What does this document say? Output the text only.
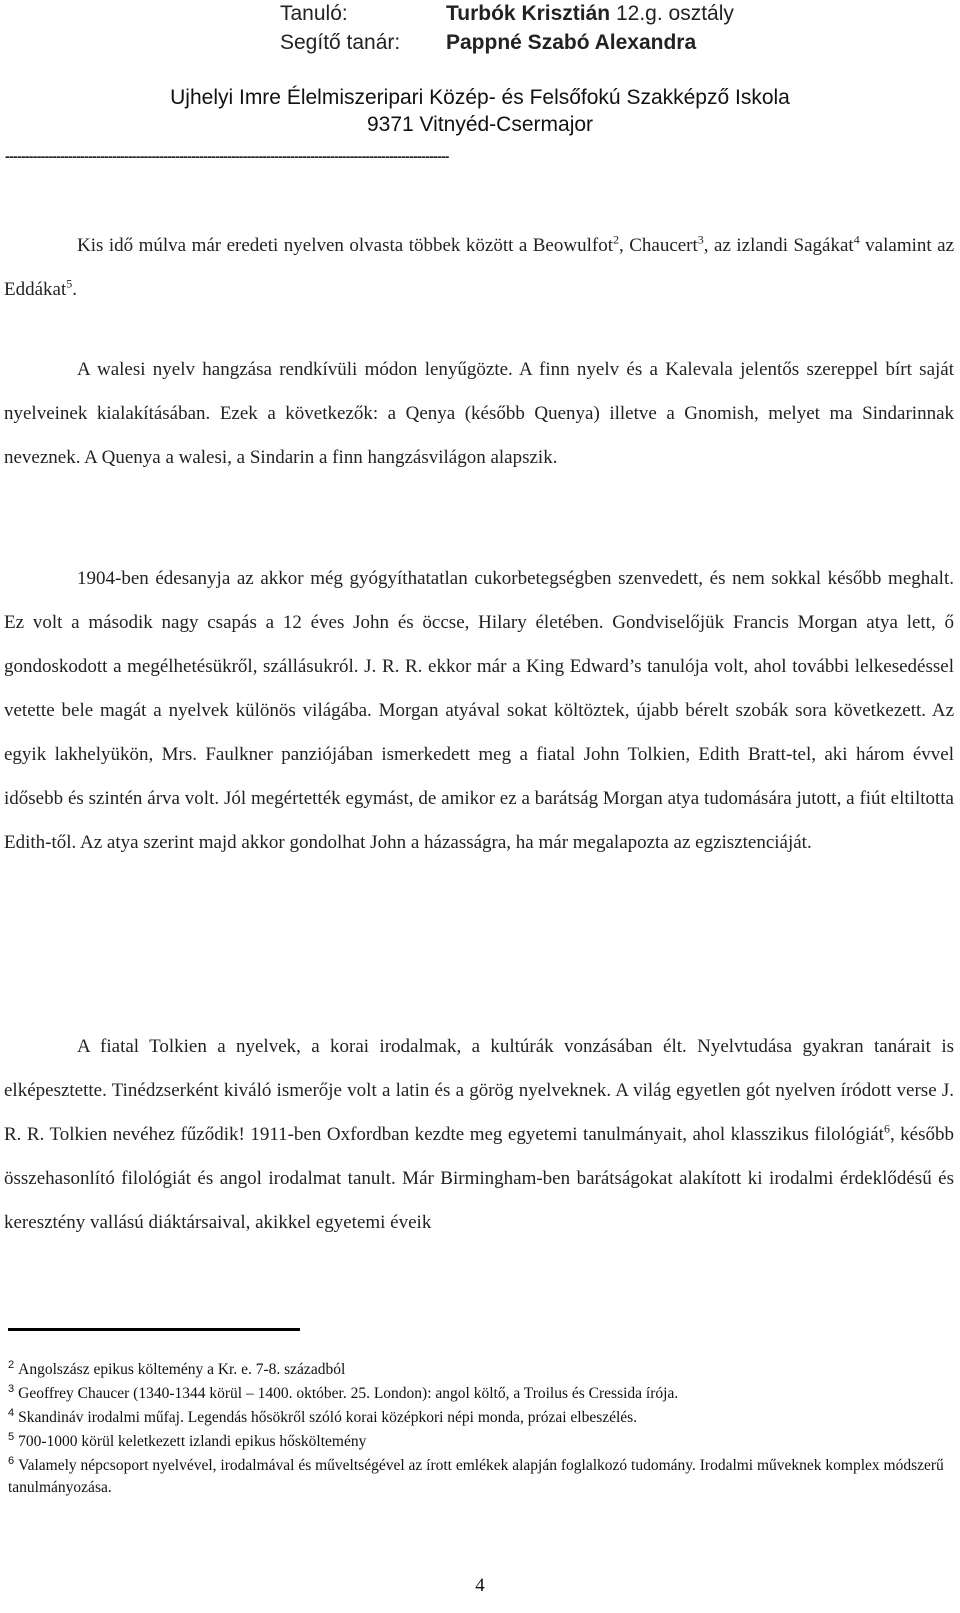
Tanuló:	Turbók Krisztián 12.g. osztály
Segítő tanár:	Pappné Szabó Alexandra
Ujhelyi Imre Élelmiszeripari Közép- és Felsőfokú Szakképző Iskola
9371 Vitnyéd-Csermajor
----------------------------------------------------------------------------------------------------------------
Kis idő múlva már eredeti nyelven olvasta többek között a Beowulfot$^2$, Chaucert$^3$, az izlandi Sagákat$^4$ valamint az Eddákat$^5$.
A walesi nyelv hangzása rendkívüli módon lenyűgözte. A finn nyelv és a Kalevala jelentős szereppel bírt saját nyelveinek kialakításában. Ezek a következők: a Qenya (később Quenya) illetve a Gnomish, melyet ma Sindarinnak neveznek. A Quenya a walesi, a Sindarin a finn hangzásvilágon alapszik.
1904-ben édesanyja az akkor még gyógyíthatatlan cukorbetegségben szenvedett, és nem sokkal később meghalt. Ez volt a második nagy csapás a 12 éves John és öccse, Hilary életében. Gondviselőjük Francis Morgan atya lett, ő gondoskodott a megélhetésükről, szállásukról. J. R. R. ekkor már a King Edward’s tanulója volt, ahol további lelkesedéssel vetette bele magát a nyelvek különös világába. Morgan atyával sokat költöztek, újabb bérelt szobák sora következett. Az egyik lakhelyükön, Mrs. Faulkner panziójában ismerkedett meg a fiatal John Tolkien, Edith Bratt-tel, aki három évvel idősebb és szintén árva volt. Jól megértették egymást, de amikor ez a barátság Morgan atya tudomására jutott, a fiút eltiltotta Edith-től. Az atya szerint majd akkor gondolhat John a házasságra, ha már megalapozta az egzisztenciáját.
A fiatal Tolkien a nyelvek, a korai irodalmak, a kultúrák vonzásában élt. Nyelvtudása gyakran tanárait is elképesztette. Tinédzserként kiváló ismerője volt a latin és a görög nyelveknek. A világ egyetlen gót nyelven íródott verse J. R. R. Tolkien nevéhez fűződik! 1911-ben Oxfordban kezdte meg egyetemi tanulmányait, ahol klasszikus filológiát$^6$, később összehasonlító filológiát és angol irodalmat tanult. Már Birmingham-ben barátságokat alakított ki irodalmi érdeklődésű és keresztény vallású diáktársaival, akikkel egyetemi éveik
$^2$ Angolszász epikus költemény a Kr. e. 7-8. századból
$^3$ Geoffrey Chaucer (1340-1344 körül – 1400. október. 25. London): angol költő, a Troilus és Cressida írója.
$^4$ Skandináv irodalmi műfaj. Legendás hősökről szóló korai középkori népi monda, prózai elbeszélés.
$^5$ 700-1000 körül keletkezett izlandi epikus hősköltemény
$^6$ Valamely népcsoport nyelvével, irodalmával és műveltségével az írott emlékek alapján foglalkozó tudomány. Irodalmi műveknek komplex módszerű tanulmányozása.
4
